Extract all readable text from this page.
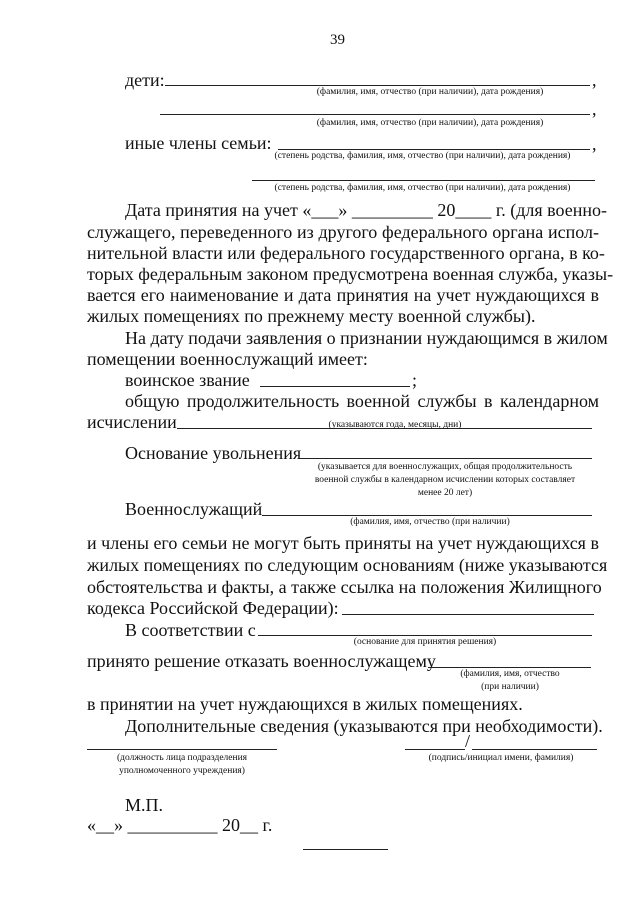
39
дети:	,
(фамилия, имя, отчество (при наличии), дата рождения)
,
(фамилия, имя, отчество (при наличии), дата рождения)
иные члены семьи:	,
(степень родства, фамилия, имя, отчество (при наличии), дата рождения)
(степень родства, фамилия, имя, отчество (при наличии), дата рождения)
Дата принятия на учет «___» _________ 20____ г. (для военно-
служащего, переведенного из другого федерального органа испол-
нительной власти или федерального государственного органа, в ко-
торых федеральным законом предусмотрена военная служба, указы-
вается его наименование и дата принятия на учет нуждающихся в
жилых помещениях по прежнему месту военной службы).
На дату подачи заявления о признании нуждающимся в жилом
помещении военнослужащий имеет:
воинское звание	;
общую продолжительность военной службы в календарном
исчислении	(указываются года, месяцы, дни)
Основание увольнения
(указывается для военнослужащих, общая продолжительность
военной службы в календарном исчислении которых составляет
менее 20 лет)
Военнослужащий
(фамилия, имя, отчество (при наличии)
и члены его семьи не могут быть приняты на учет нуждающихся в
жилых помещениях по следующим основаниям (ниже указываются
обстоятельства и факты, а также ссылка на положения Жилищного
кодекса Российской Федерации):
В соответствии с
(основание для принятия решения)
принято решение отказать военнослужащему
(фамилия, имя, отчество
(при наличии)
в принятии на учет нуждающихся в жилых помещениях.
Дополнительные сведения (указываются при необходимости).
(должность лица подразделения
уполномоченного учреждения)
/
(подпись/инициал имени, фамилия)
М.П.
«__» __________ 20__ г.
